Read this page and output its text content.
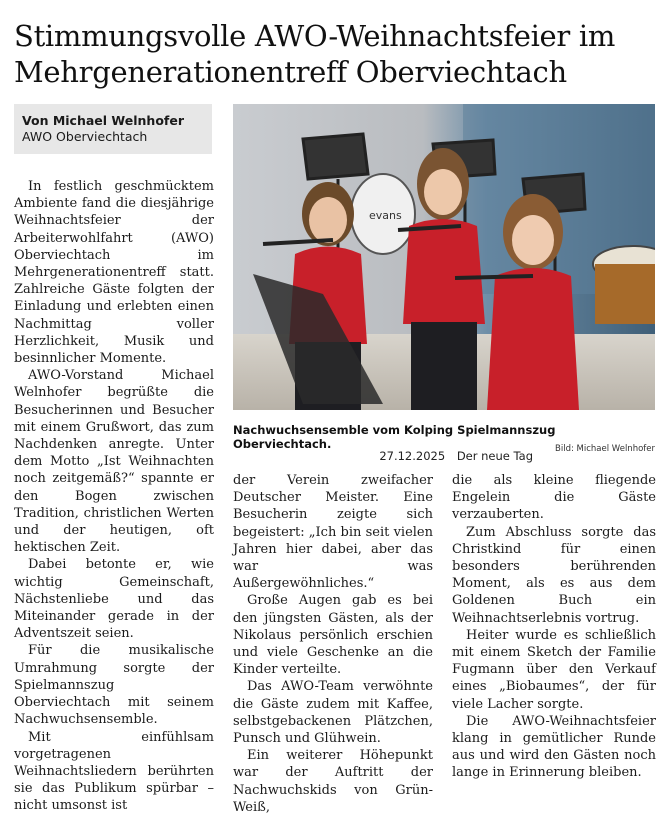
Stimmungsvolle AWO-Weihnachtsfeier im
Mehrgenerationentreff Oberviechtach
Von Michael Welnhofer
AWO Oberviechtach

In festlich geschmücktem Ambiente fand die diesjährige Weihnachtsfeier der Arbeiterwohlfahrt (AWO) Oberviechtach im Mehrgenerationentreff statt. Zahlreiche Gäste folgten der Einladung und erlebten einen Nachmittag voller Herzlichkeit, Musik und besinnlicher Momente.

AWO-Vorstand Michael Welnhofer begrüßte die Besucherinnen und Besucher mit einem Grußwort, das zum Nachdenken anregte. Unter dem Motto „Ist Weihnachten noch zeitgemäß?“ spannte er den Bogen zwischen Tradition, christlichen Werten und der heutigen, oft hektischen Zeit.

Dabei betonte er, wie wichtig Gemeinschaft, Nächstenliebe und das Miteinander gerade in der Adventszeit seien.

Für die musikalische Umrahmung sorgte der Spielmannszug Oberviechtach mit seinem Nachwuchsensemble.

Mit einfühlsam vorgetragenen Weihnachtsliedern berührten sie das Publikum spürbar – nicht umsonst ist

evans

Nachwuchsensemble vom Kolping Spielmannszug Oberviechtach.	Bild: Michael Welnhofer
27.12.2025 Der neue Tag

der Verein zweifacher Deutscher Meister. Eine Besucherin zeigte sich begeistert: „Ich bin seit vielen Jahren hier dabei, aber das war was Außergewöhnliches.“

Große Augen gab es bei den jüngsten Gästen, als der Nikolaus persönlich erschien und viele Geschenke an die Kinder verteilte.

Das AWO-Team verwöhnte die Gäste zudem mit Kaffee, selbstgebackenen Plätzchen, Punsch und Glühwein.

Ein weiterer Höhepunkt war der Auftritt der Nachwuchskids von Grün-Weiß,

die als kleine fliegende Engelein die Gäste verzauberten.

Zum Abschluss sorgte das Christkind für einen besonders berührenden Moment, als es aus dem Goldenen Buch ein Weihnachtserlebnis vortrug.

Heiter wurde es schließlich mit einem Sketch der Familie Fugmann über den Verkauf eines „Biobaumes“, der für viele Lacher sorgte.

Die AWO-Weihnachtsfeier klang in gemütlicher Runde aus und wird den Gästen noch lange in Erinnerung bleiben.
